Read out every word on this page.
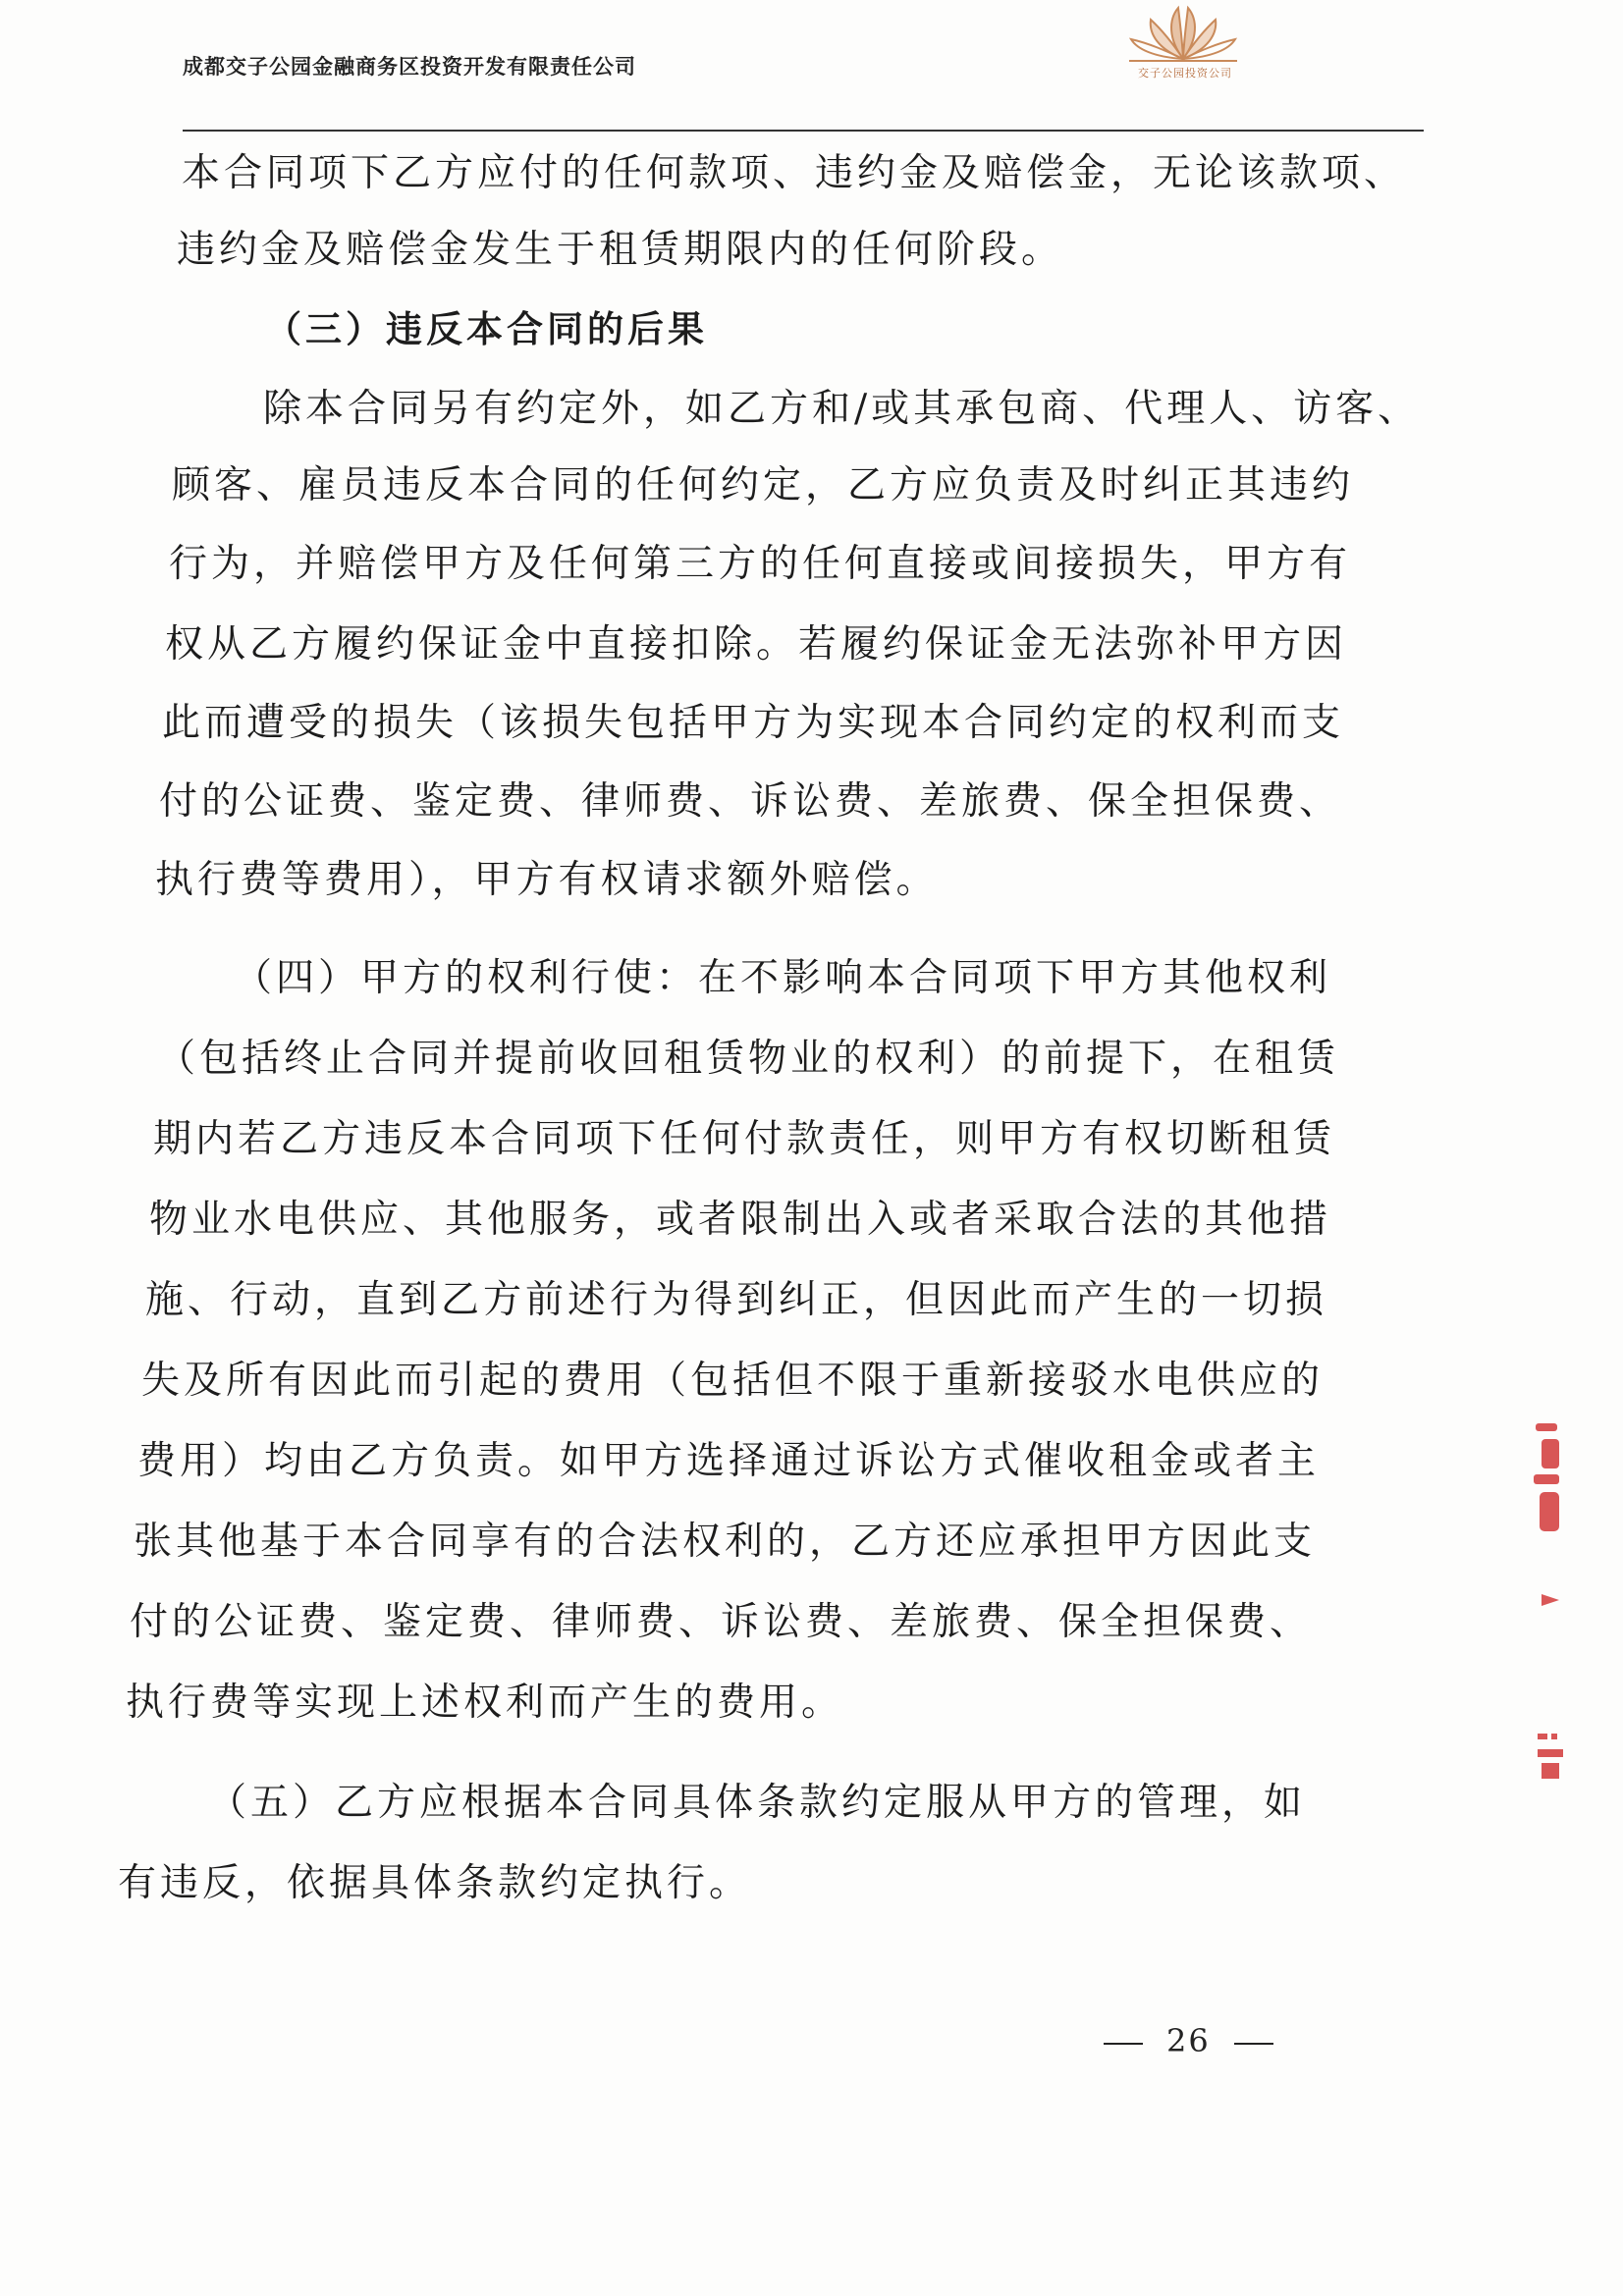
成都交子公园金融商务区投资开发有限责任公司	交子公园投资公司
本合同项下乙方应付的任何款项、违约金及赔偿金，无论该款项、
违约金及赔偿金发生于租赁期限内的任何阶段。
（三）违反本合同的后果
除本合同另有约定外，如乙方和/或其承包商、代理人、访客、
顾客、雇员违反本合同的任何约定，乙方应负责及时纠正其违约
行为，并赔偿甲方及任何第三方的任何直接或间接损失，甲方有
权从乙方履约保证金中直接扣除。若履约保证金无法弥补甲方因
此而遭受的损失（该损失包括甲方为实现本合同约定的权利而支
付的公证费、鉴定费、律师费、诉讼费、差旅费、保全担保费、
执行费等费用），甲方有权请求额外赔偿。
（四）甲方的权利行使：在不影响本合同项下甲方其他权利
（包括终止合同并提前收回租赁物业的权利）的前提下，在租赁
期内若乙方违反本合同项下任何付款责任，则甲方有权切断租赁
物业水电供应、其他服务，或者限制出入或者采取合法的其他措
施、行动，直到乙方前述行为得到纠正，但因此而产生的一切损
失及所有因此而引起的费用（包括但不限于重新接驳水电供应的
费用）均由乙方负责。如甲方选择通过诉讼方式催收租金或者主
张其他基于本合同享有的合法权利的，乙方还应承担甲方因此支
付的公证费、鉴定费、律师费、诉讼费、差旅费、保全担保费、
执行费等实现上述权利而产生的费用。
（五）乙方应根据本合同具体条款约定服从甲方的管理，如
有违反，依据具体条款约定执行。
26
